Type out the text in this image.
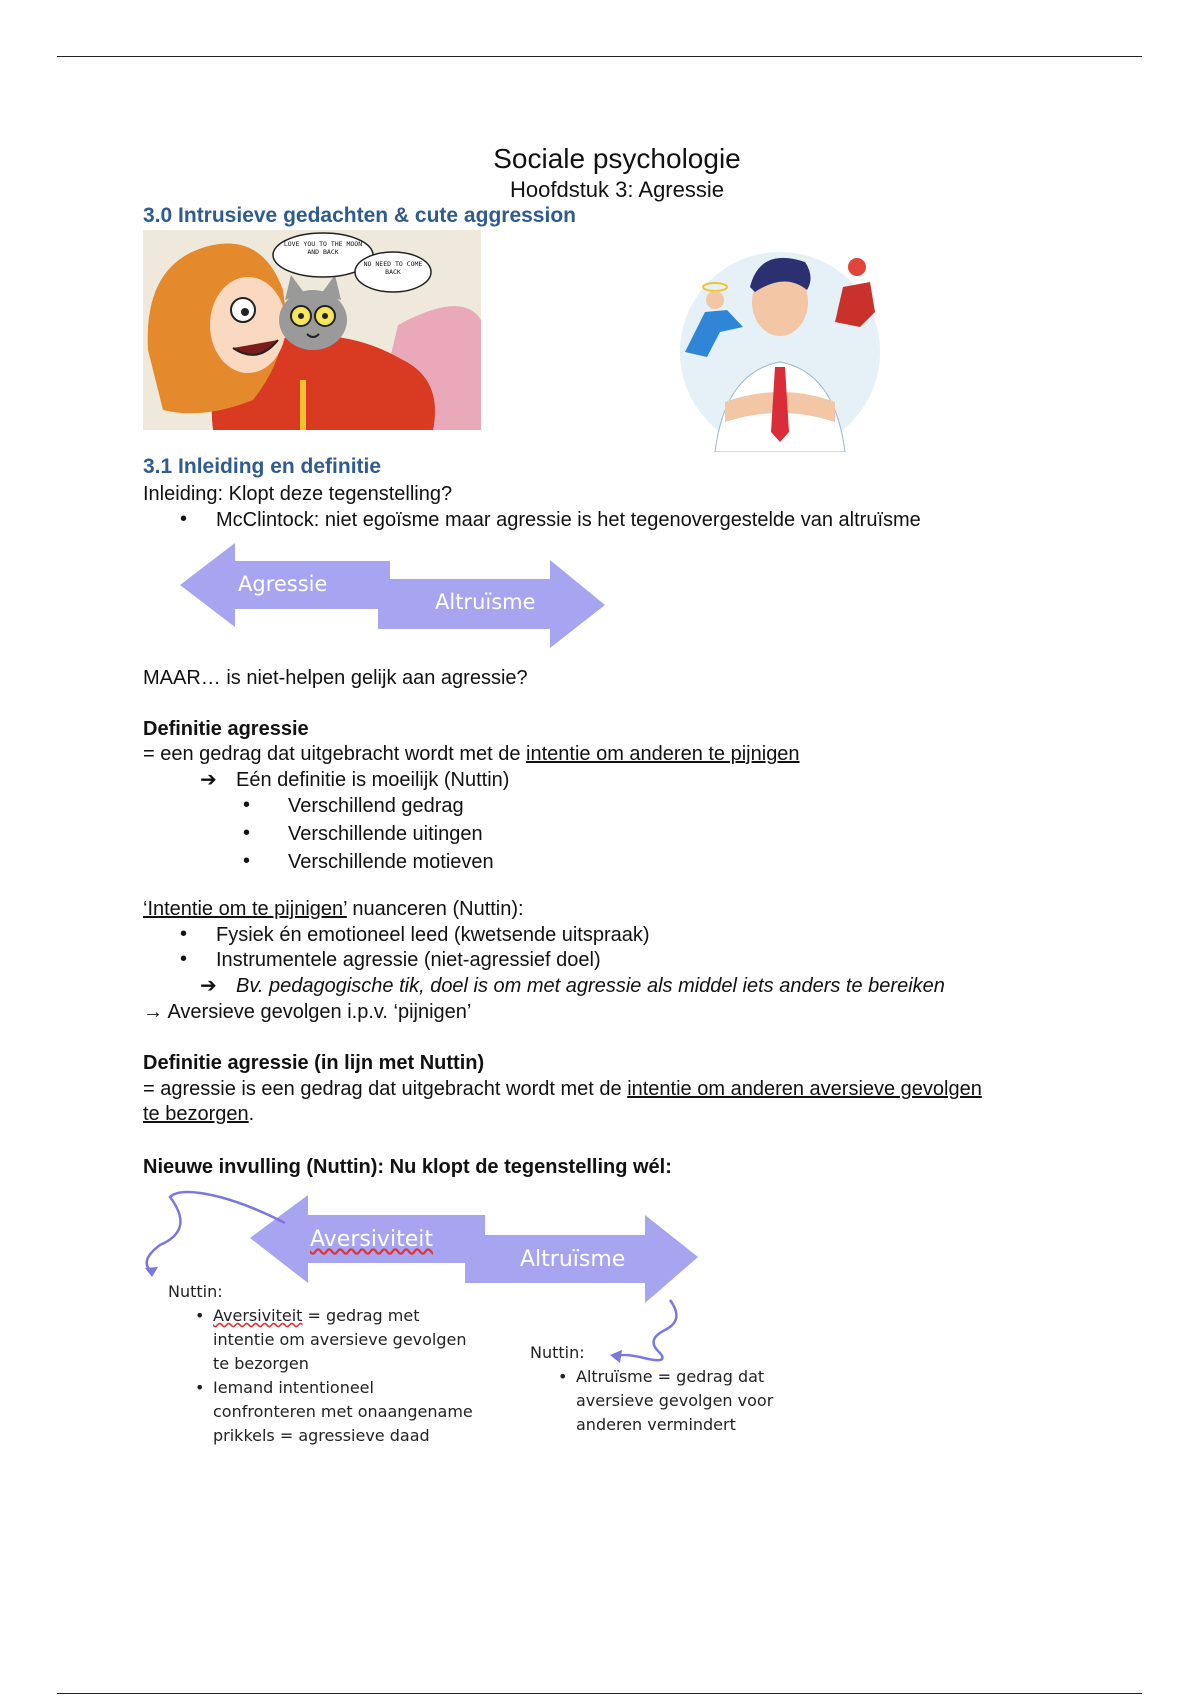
Sociale psychologie
Hoofdstuk 3: Agressie
3.0 Intrusieve gedachten & cute aggression
LOVE YOU TO THE MOON AND BACK
NO NEED TO COME BACK
3.1 Inleiding en definitie
Inleiding: Klopt deze tegenstelling?
• McClintock: niet egoïsme maar agressie is het tegenovergestelde van altruïsme
Agressie
Altruïsme
MAAR… is niet-helpen gelijk aan agressie?
Definitie agressie
= een gedrag dat uitgebracht wordt met de intentie om anderen te pijnigen
➔ Eén definitie is moeilijk (Nuttin)
• Verschillend gedrag
• Verschillende uitingen
• Verschillende motieven
‘Intentie om te pijnigen’ nuanceren (Nuttin):
• Fysiek én emotioneel leed (kwetsende uitspraak)
• Instrumentele agressie (niet-agressief doel)
➔ Bv. pedagogische tik, doel is om met agressie als middel iets anders te bereiken
→ Aversieve gevolgen i.p.v. ‘pijnigen’
Definitie agressie (in lijn met Nuttin)
= agressie is een gedrag dat uitgebracht wordt met de intentie om anderen aversieve gevolgen
te bezorgen.
Nieuwe invulling (Nuttin): Nu klopt de tegenstelling wél:
Aversiviteit
Altruïsme
Nuttin:
• Aversiviteit = gedrag met
intentie om aversieve gevolgen
te bezorgen
• Iemand intentioneel
confronteren met onaangename
prikkels = agressieve daad
Nuttin:
• Altruïsme = gedrag dat
aversieve gevolgen voor
anderen vermindert
